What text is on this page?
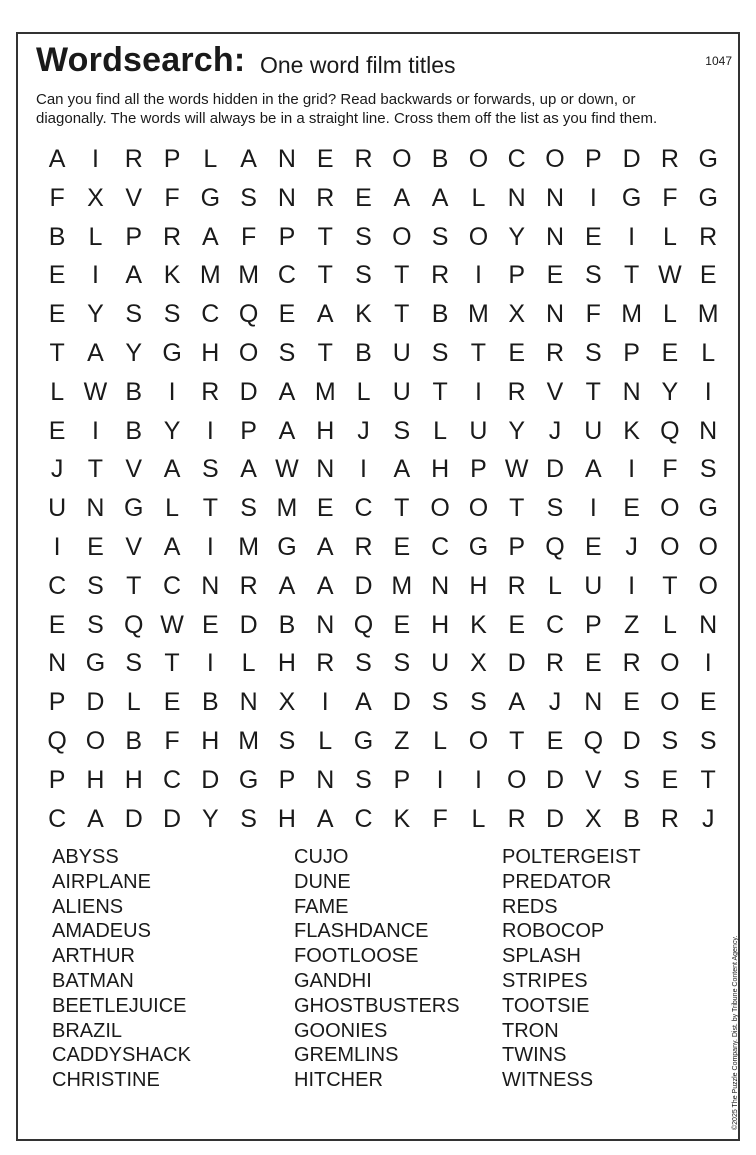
Wordsearch: One word film titles	1047
Can you find all the words hidden in the grid? Read backwards or forwards, up or down, or
diagonally. The words will always be in a straight line. Cross them off the list as you find them.
A	I	R P L A N E R O B O C O P D R G
F X V F G S N R E A A L N N	I	G F G
B L P R A F P T S O S O Y N E	I	L R
E	I	A K M M C T S T R	I	P E S T W E
E Y S S C Q E A K T B M X N F M L M
T A Y G H O S T B U S T E R S P E L
L W B	I	R D A M L U T	I	R V T N Y	I
E	I	B Y	I	P A H J S L U Y J U K Q N
J T V A S A W N	I	A H P W D A	I	F S
U N G L T S M E C T O O T S	I	E O G
I	E V A	I M G A R E C G P Q E J O O
C S T C N R A A D M N H R L U	I	T O
E S Q W E D B N Q E H K E C P Z L N
N G S T	I	L H R S S U X D R E R O	I
P D L E B N X	I	A D S S A J N E O E
Q O B F H M S L G Z L O T E Q D S S
P H H C D G P N S P	I	I	O D V S E T
C A D D Y S H A C K F L R D X B R J
ABYSS
AIRPLANE
ALIENS
AMADEUS
ARTHUR
BATMAN
BEETLEJUICE
BRAZIL
CADDYSHACK
CHRISTINE
CUJO
DUNE
FAME
FLASHDANCE
FOOTLOOSE
GANDHI
GHOSTBUSTERS
GOONIES
GREMLINS
HITCHER
POLTERGEIST
PREDATOR
REDS
ROBOCOP
SPLASH
STRIPES
TOOTSIE
TRON
TWINS
WITNESS	©2025 The Puzzle Company. Dist. by Tribune Content Agency.
